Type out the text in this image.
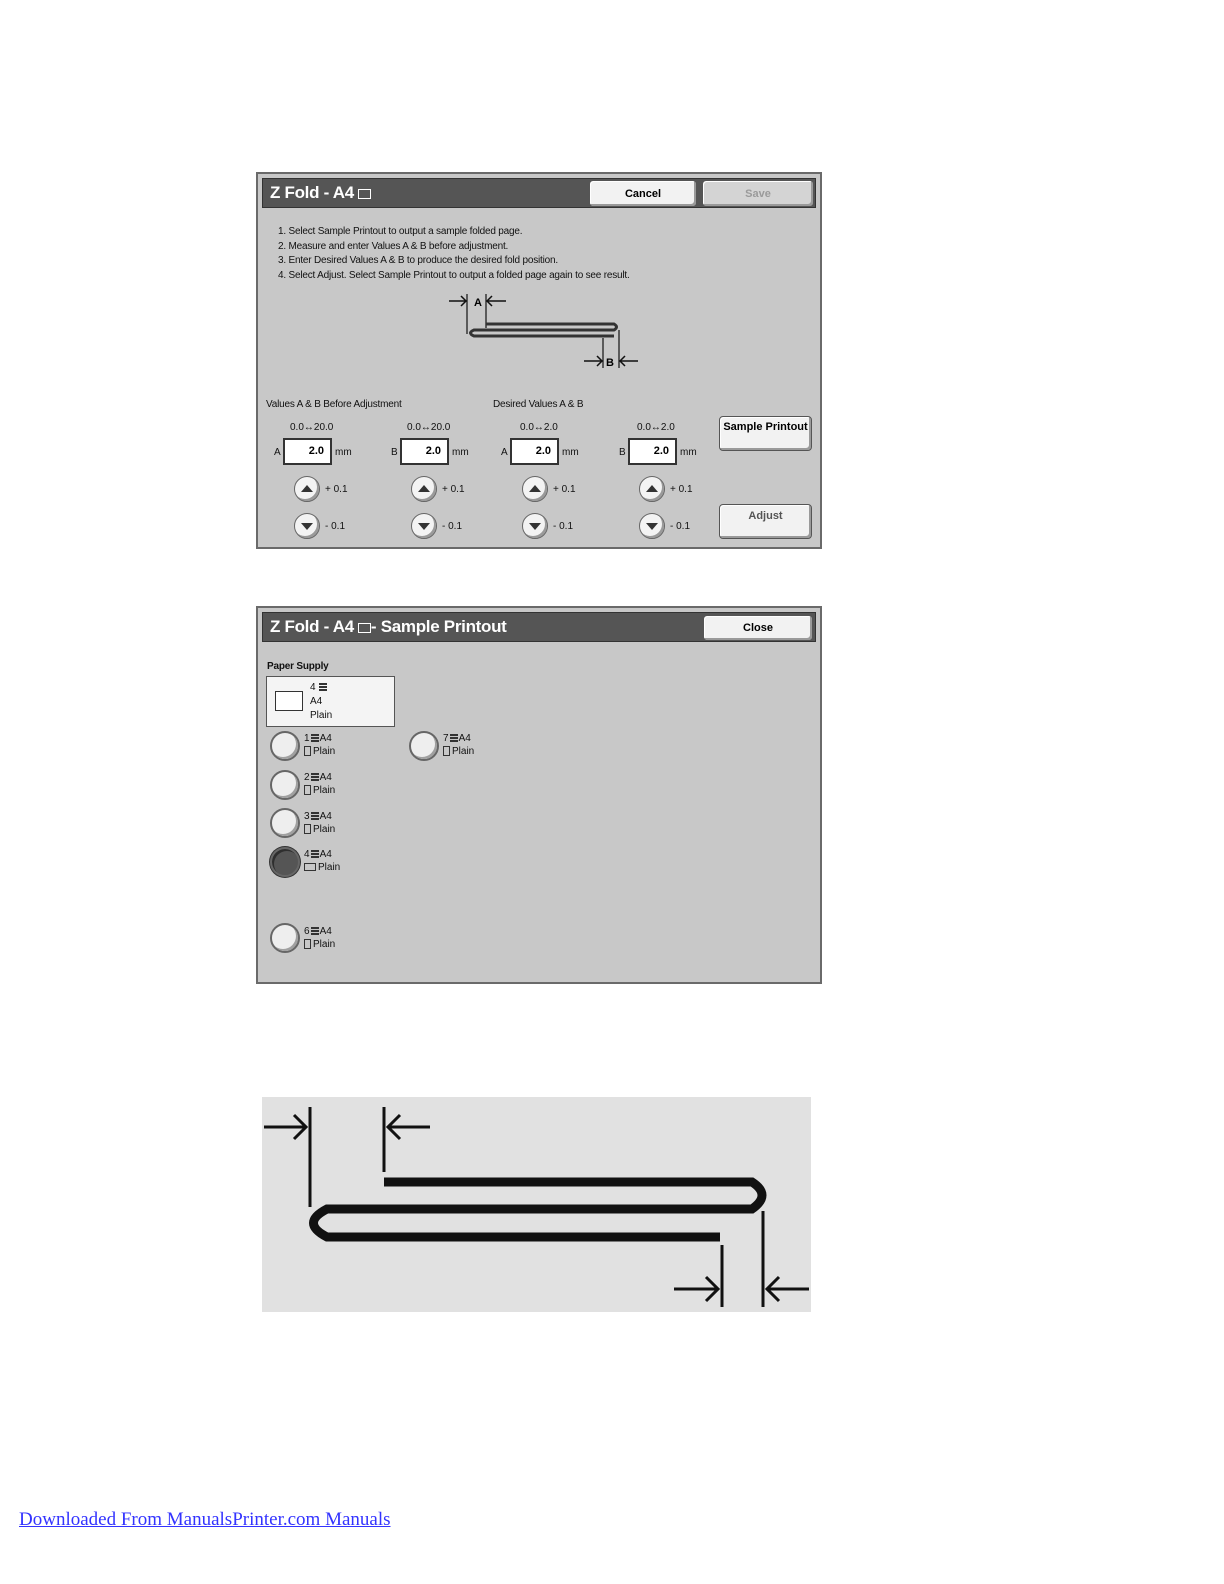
Z Fold - A4	Cancel	Save
1. Select Sample Printout to output a sample folded page.
2. Measure and enter Values A & B before adjustment.
3. Enter Desired Values A & B to produce the desired fold position.
4. Select Adjust. Select Sample Printout to output a folded page again to see result.
A
B
Values A & B Before Adjustment	Desired Values A & B
0.0↔20.0
A	2.0	mm
+ 0.1
- 0.1
0.0↔20.0
B	2.0	mm
+ 0.1
- 0.1
0.0↔2.0
A	2.0	mm
+ 0.1
- 0.1
0.0↔2.0
B	2.0	mm
+ 0.1
- 0.1
Sample Printout
Adjust
Z Fold - A4 - Sample Printout	Close
Paper Supply
4
A4
Plain
1 A4
Plain
2 A4
Plain
3 A4
Plain
4 A4
Plain
6 A4
Plain
7 A4
Plain
Downloaded From ManualsPrinter.com Manuals
